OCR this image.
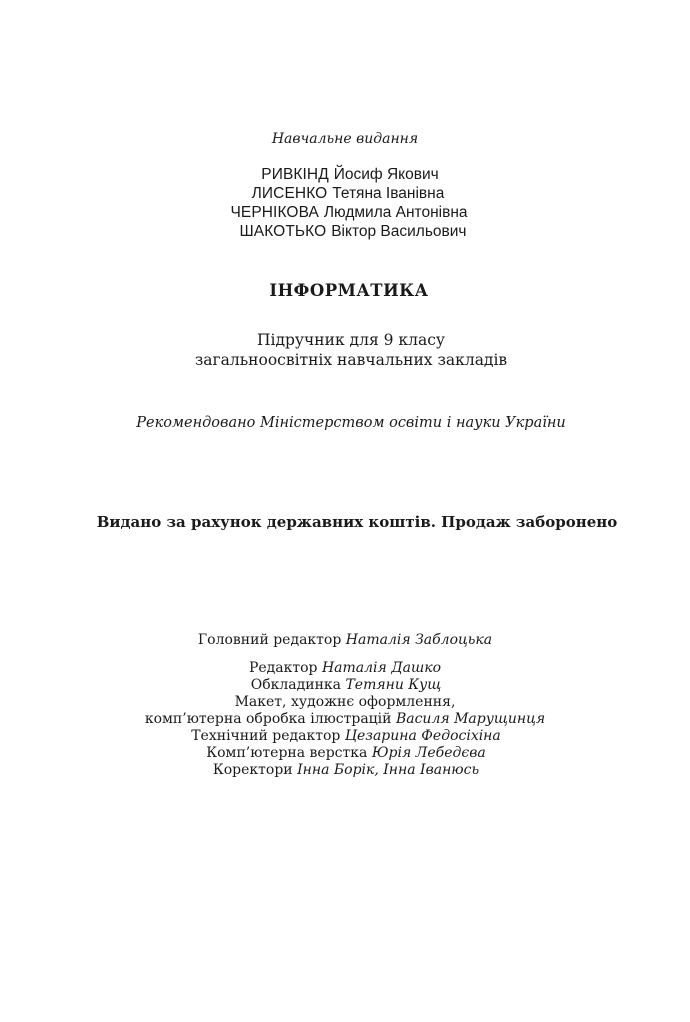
Навчальне видання
РИВКІНД Йосиф Якович
ЛИСЕНКО Тетяна Іванівна
ЧЕРНІКОВА Людмила Антонівна
ШАКОТЬКО Віктор Васильович
ІНФОРМАТИКА
Підручник для 9 класу
загальноосвітніх навчальних закладів
Рекомендовано Міністерством освіти і науки України
Видано за рахунок державних коштів. Продаж заборонено
Головний редактор Наталія Заблоцька
Редактор Наталія Дашко
Обкладинка Тетяни Кущ
Макет, художнє оформлення,
комп’ютерна обробка ілюстрацій Василя Марущинця
Технічний редактор Цезарина Федосіхіна
Комп’ютерна верстка Юрія Лебедєва
Коректори Інна Борік, Інна Іванюсь
